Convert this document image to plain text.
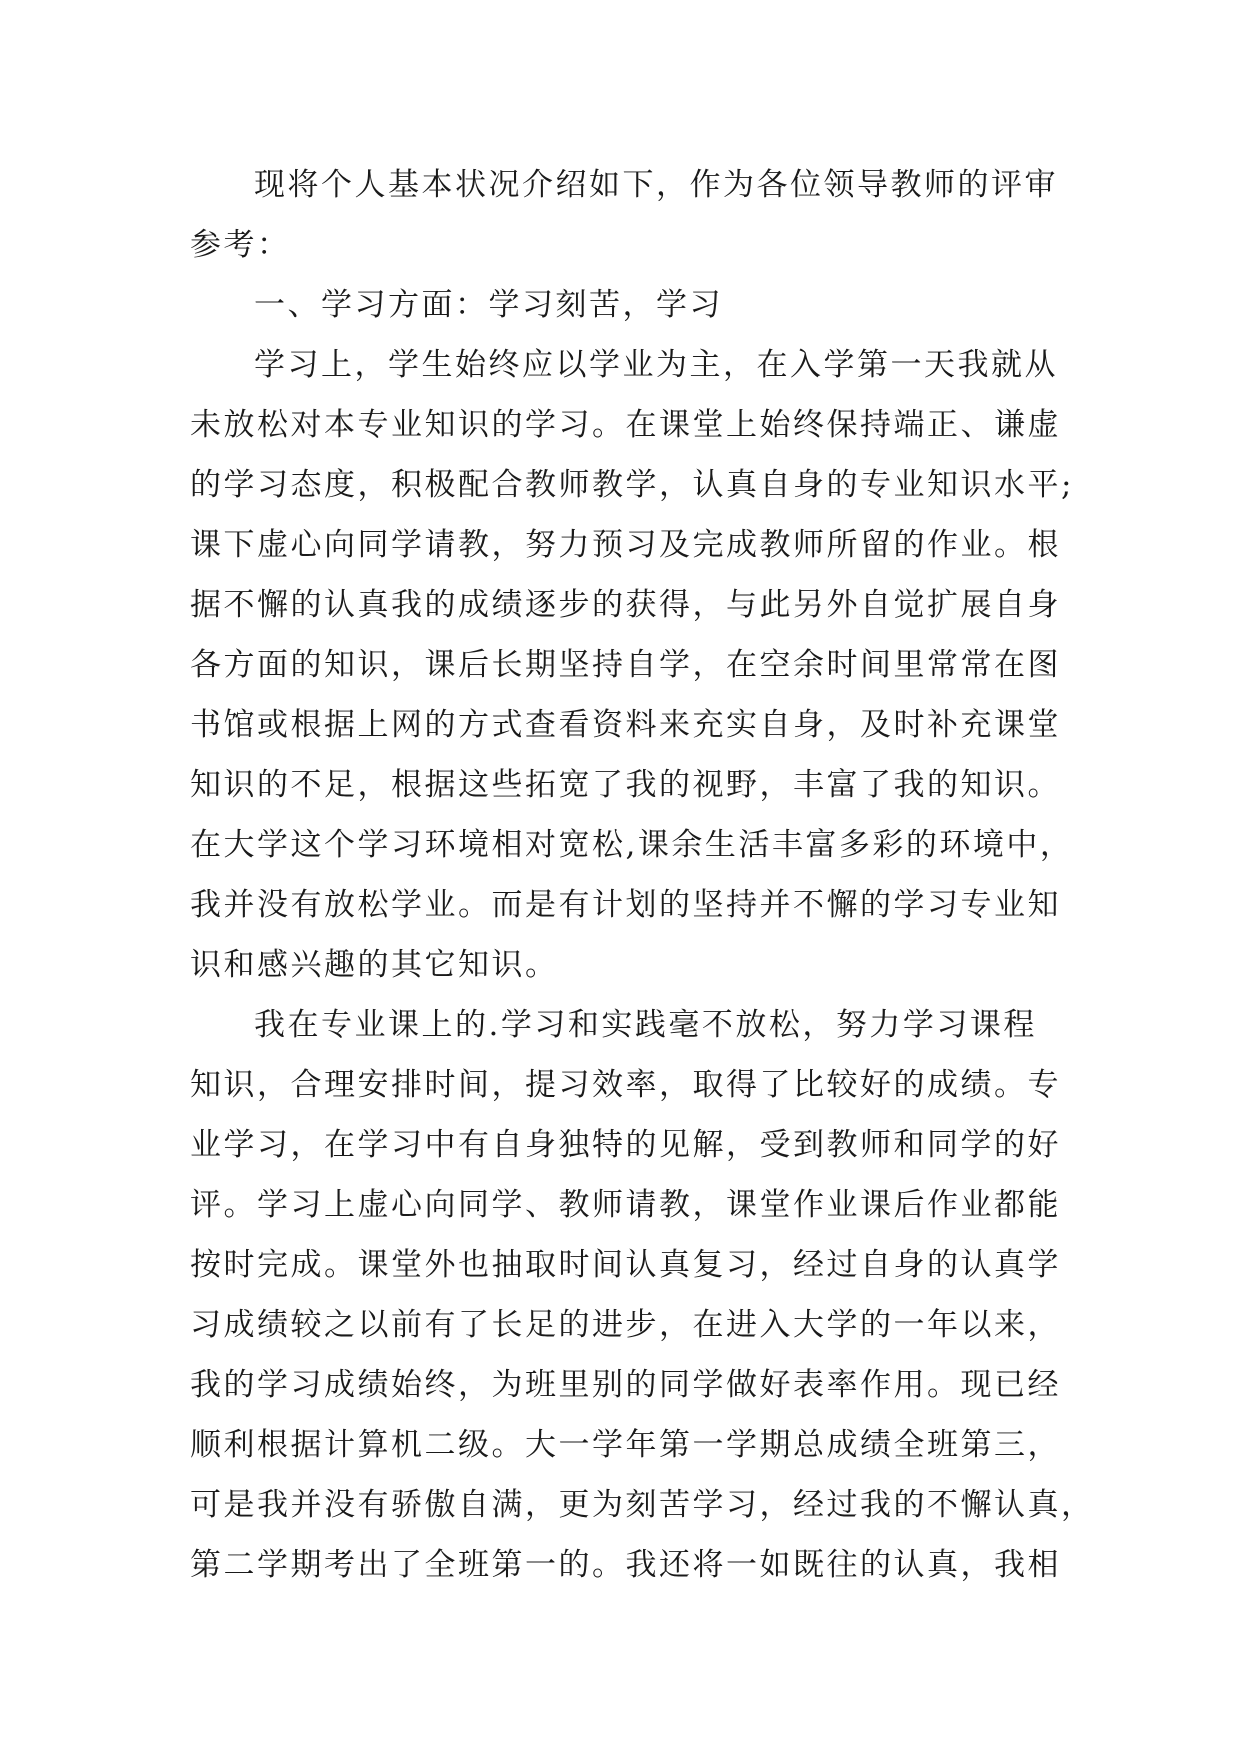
现将个人基本状况介绍如下，作为各位领导教师的评审
参考：
一、学习方面：学习刻苦，学习
学习上，学生始终应以学业为主，在入学第一天我就从
未放松对本专业知识的学习。在课堂上始终保持端正、谦虚
的学习态度，积极配合教师教学，认真自身的专业知识水平;
课下虚心向同学请教，努力预习及完成教师所留的作业。根
据不懈的认真我的成绩逐步的获得，与此另外自觉扩展自身
各方面的知识，课后长期坚持自学，在空余时间里常常在图
书馆或根据上网的方式查看资料来充实自身，及时补充课堂
知识的不足，根据这些拓宽了我的视野，丰富了我的知识。
在大学这个学习环境相对宽松,课余生活丰富多彩的环境中，
我并没有放松学业。而是有计划的坚持并不懈的学习专业知
识和感兴趣的其它知识。
我在专业课上的.学习和实践毫不放松，努力学习课程
知识，合理安排时间，提习效率，取得了比较好的成绩。专
业学习，在学习中有自身独特的见解，受到教师和同学的好
评。学习上虚心向同学、教师请教，课堂作业课后作业都能
按时完成。课堂外也抽取时间认真复习，经过自身的认真学
习成绩较之以前有了长足的进步，在进入大学的一年以来，
我的学习成绩始终，为班里别的同学做好表率作用。现已经
顺利根据计算机二级。大一学年第一学期总成绩全班第三，
可是我并没有骄傲自满，更为刻苦学习，经过我的不懈认真，
第二学期考出了全班第一的。我还将一如既往的认真，我相
